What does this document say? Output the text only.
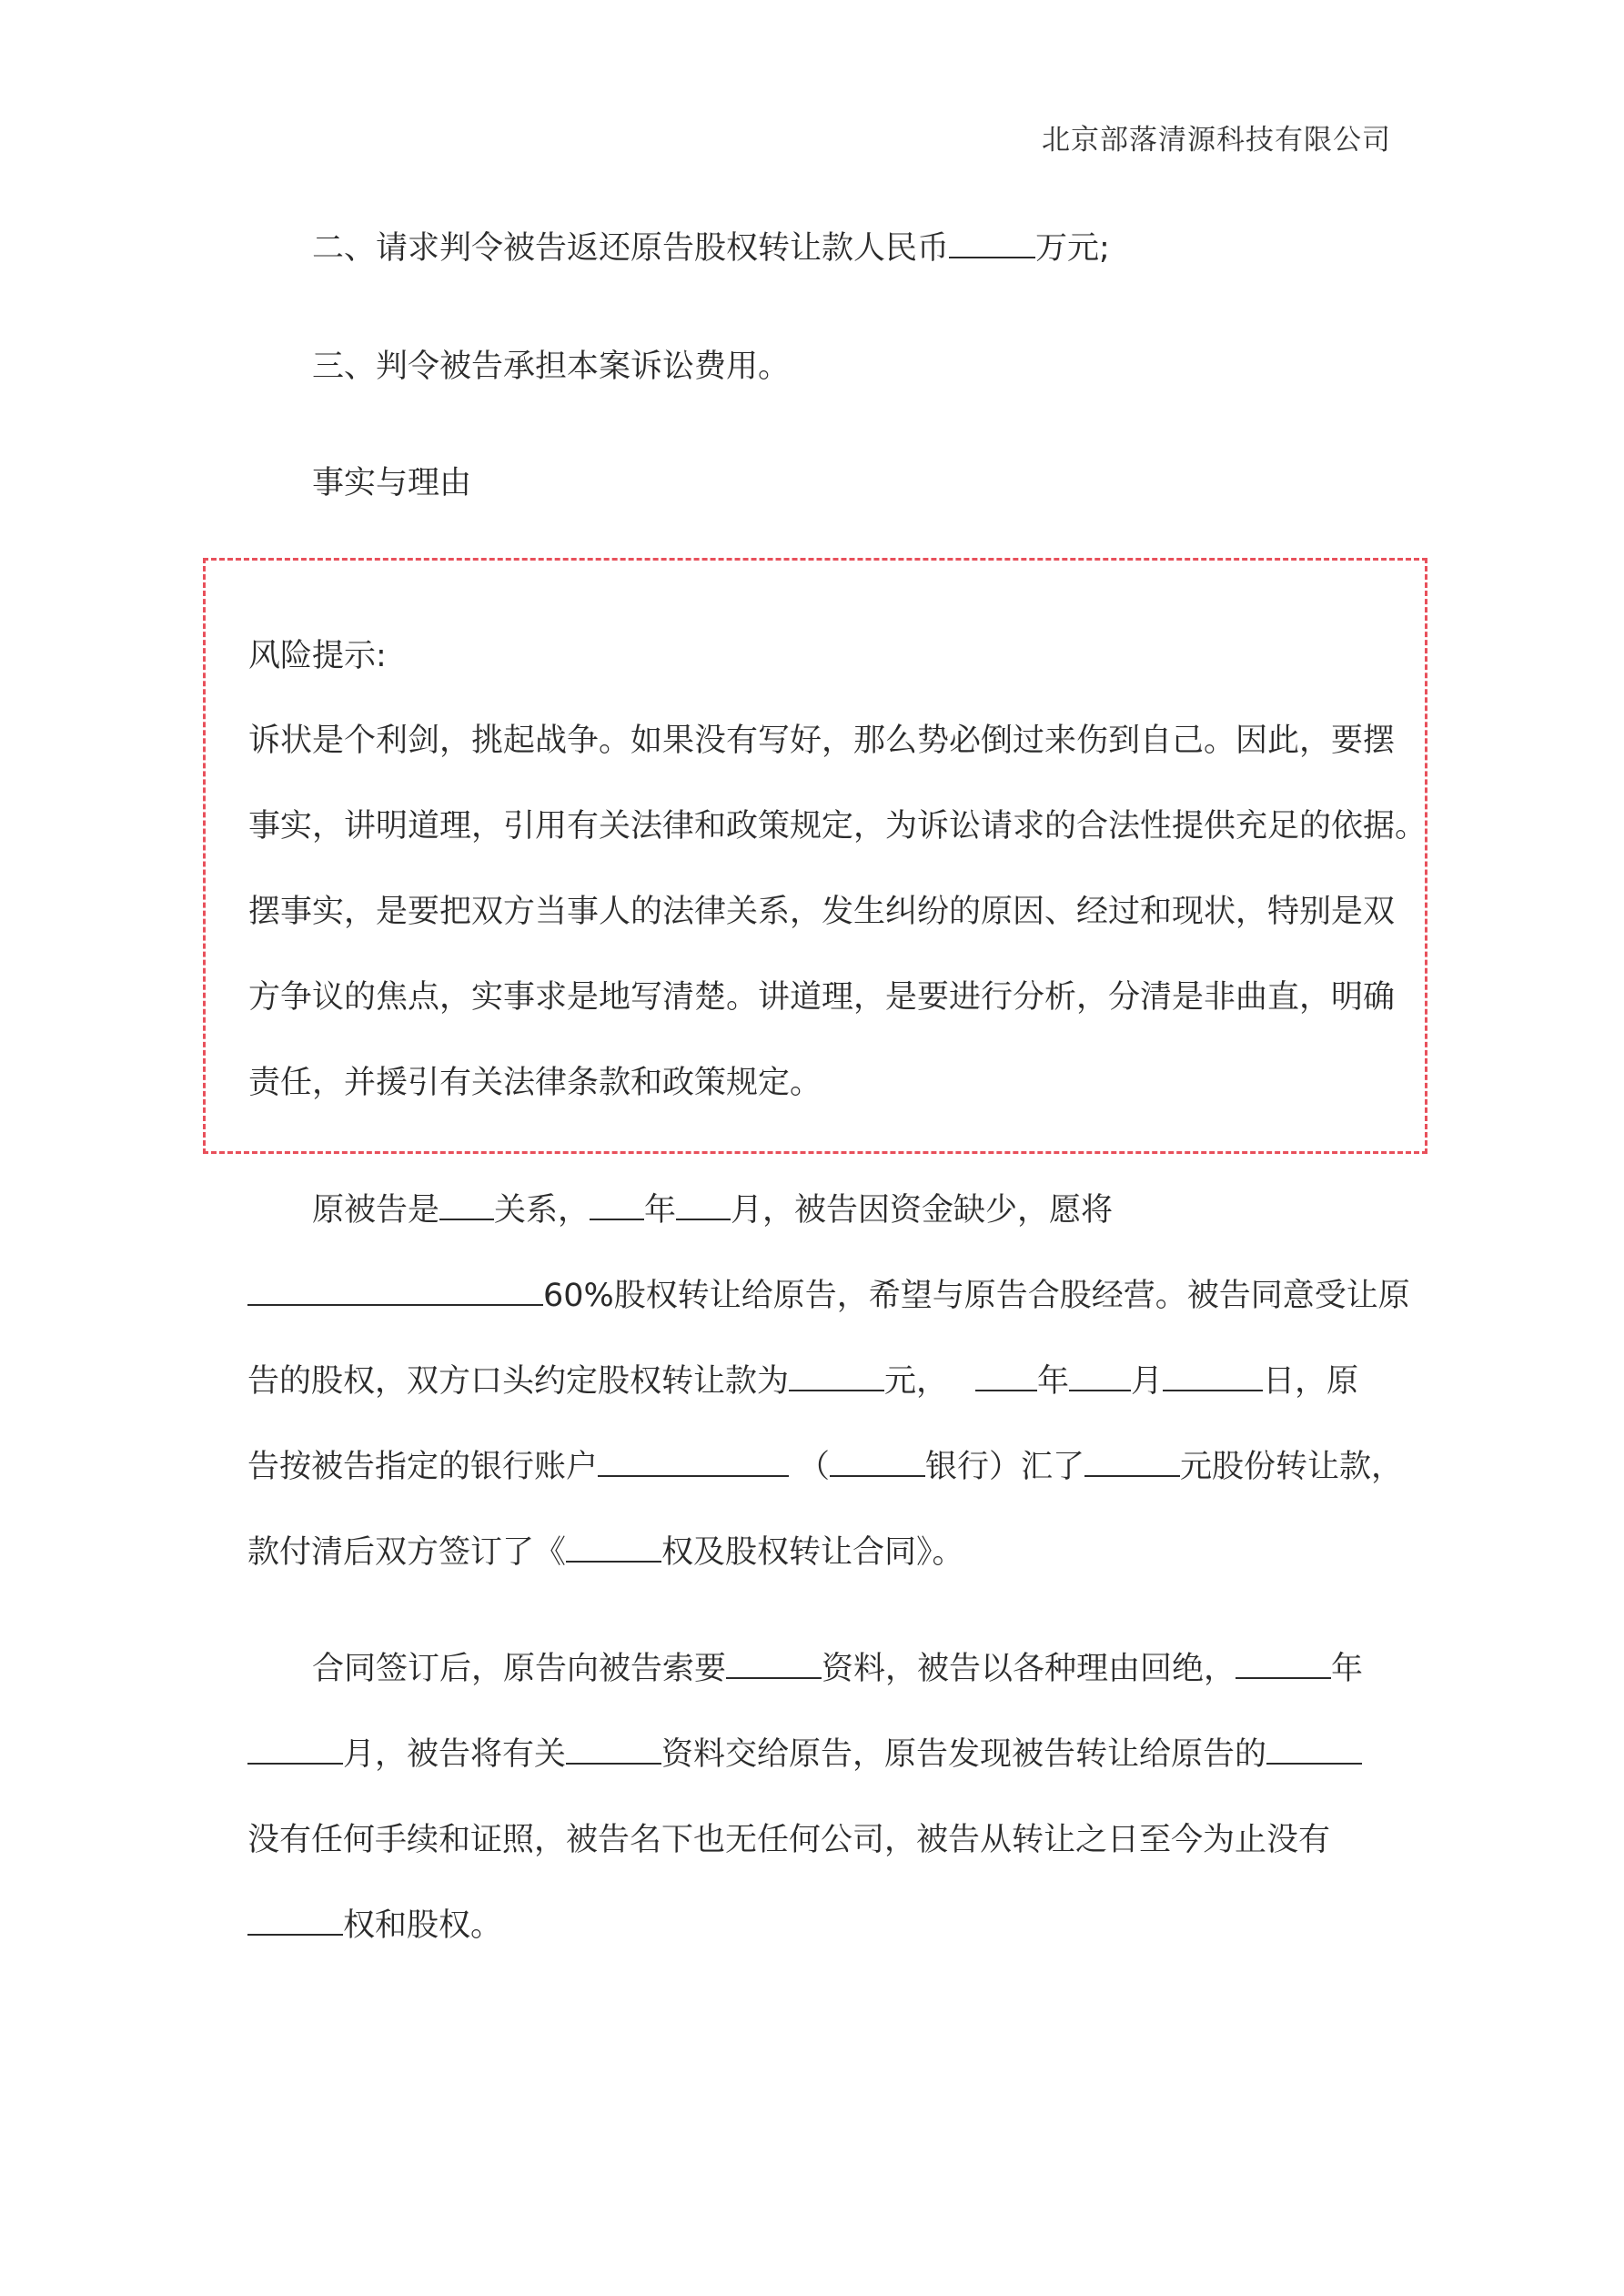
北京部落清源科技有限公司
二、请求判令被告返还原告股权转让款人民币	万元;
三、判令被告承担本案诉讼费用。
事实与理由
风险提示:
诉状是个利剑，挑起战争。如果没有写好，那么势必倒过来伤到自己。因此，要摆
事实，讲明道理，引用有关法律和政策规定，为诉讼请求的合法性提供充足的依据。
摆事实，是要把双方当事人的法律关系，发生纠纷的原因、经过和现状，特别是双
方争议的焦点，实事求是地写清楚。讲道理，是要进行分析，分清是非曲直，明确
责任，并援引有关法律条款和政策规定。
原被告是 关系， 年 月，被告因资金缺少，愿将
60%股权转让给原告，希望与原告合股经营。被告同意受让原
告的股权，双方口头约定股权转让款为	元，	年 月	日，原
告按被告指定的银行账户	（	银行）汇了	元股份转让款，
款付清后双方签订了《	权及股权转让合同》。
合同签订后，原告向被告索要	资料，被告以各种理由回绝，	年
月，被告将有关	资料交给原告，原告发现被告转让给原告的
没有任何手续和证照，被告名下也无任何公司，被告从转让之日至今为止没有
权和股权。
